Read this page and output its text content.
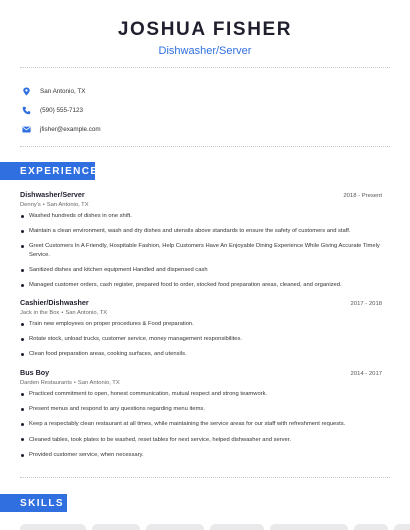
JOSHUA FISHER
Dishwasher/Server
San Antonio, TX
(590) 555-7123
jfisher@example.com
EXPERIENCE
Dishwasher/Server	2018 - Present
Denny's • San Antonio, TX
Washed hundreds of dishes in one shift.
Maintain a clean environment, wash and dry dishes and utensils above standards to ensure the safety of customers and staff.
Greet Customers In A Friendly, Hospitable Fashion, Help Customers Have An Enjoyable Dining Experience While Giving Accurate Timely Service.
Sanitized dishes and kitchen equipment Handled and dispensed cash
Managed customer orders, cash register, prepared food to order, stocked food preparation areas, cleaned, and organized.
Cashier/Dishwasher	2017 - 2018
Jack in the Box • San Antonio, TX
Train new employees on proper procedures & Food preparation.
Rotate stock, unload trucks, customer service, money management responsibilites.
Clean food preparation areas, cooking surfaces, and utensils.
Bus Boy	2014 - 2017
Darden Restaurants • San Antonio, TX
Practiced commitment to open, honest communication, mutual respect and strong teamwork.
Present menus and respond to any questions regarding menu items.
Keep a respectably clean restaurant at all times, while maintaining the service areas for our staff with refreshment requests.
Cleaned tables, took plates to be washed, reset tables for next service, helped dishwasher and server.
Provided customer service, when necessary.
SKILLS
